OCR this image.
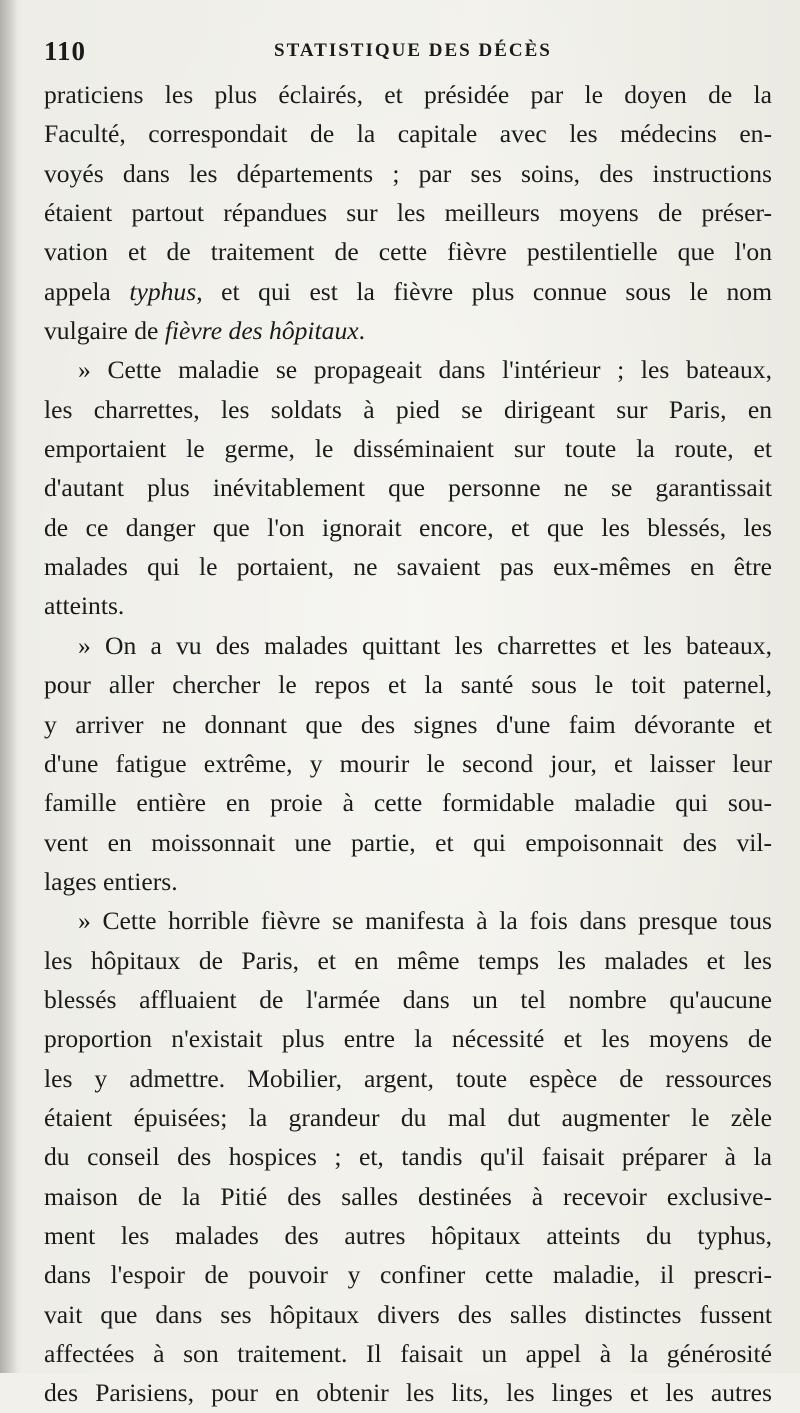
110	STATISTIQUE DES DÉCÈS
praticiens les plus éclairés, et présidée par le doyen de la
Faculté, correspondait de la capitale avec les médecins en-
voyés dans les départements ; par ses soins, des instructions
étaient partout répandues sur les meilleurs moyens de préser-
vation et de traitement de cette fièvre pestilentielle que l'on
appela typhus, et qui est la fièvre plus connue sous le nom
vulgaire de fièvre des hôpitaux.
» Cette maladie se propageait dans l'intérieur ; les bateaux,
les charrettes, les soldats à pied se dirigeant sur Paris, en
emportaient le germe, le disséminaient sur toute la route, et
d'autant plus inévitablement que personne ne se garantissait
de ce danger que l'on ignorait encore, et que les blessés, les
malades qui le portaient, ne savaient pas eux-mêmes en être
atteints.
» On a vu des malades quittant les charrettes et les bateaux,
pour aller chercher le repos et la santé sous le toit paternel,
y arriver ne donnant que des signes d'une faim dévorante et
d'une fatigue extrême, y mourir le second jour, et laisser leur
famille entière en proie à cette formidable maladie qui sou-
vent en moissonnait une partie, et qui empoisonnait des vil-
lages entiers.
» Cette horrible fièvre se manifesta à la fois dans presque tous
les hôpitaux de Paris, et en même temps les malades et les
blessés affluaient de l'armée dans un tel nombre qu'aucune
proportion n'existait plus entre la nécessité et les moyens de
les y admettre. Mobilier, argent, toute espèce de ressources
étaient épuisées; la grandeur du mal dut augmenter le zèle
du conseil des hospices ; et, tandis qu'il faisait préparer à la
maison de la Pitié des salles destinées à recevoir exclusive-
ment les malades des autres hôpitaux atteints du typhus,
dans l'espoir de pouvoir y confiner cette maladie, il prescri-
vait que dans ses hôpitaux divers des salles distinctes fussent
affectées à son traitement. Il faisait un appel à la générosité
des Parisiens, pour en obtenir les lits, les linges et les autres
